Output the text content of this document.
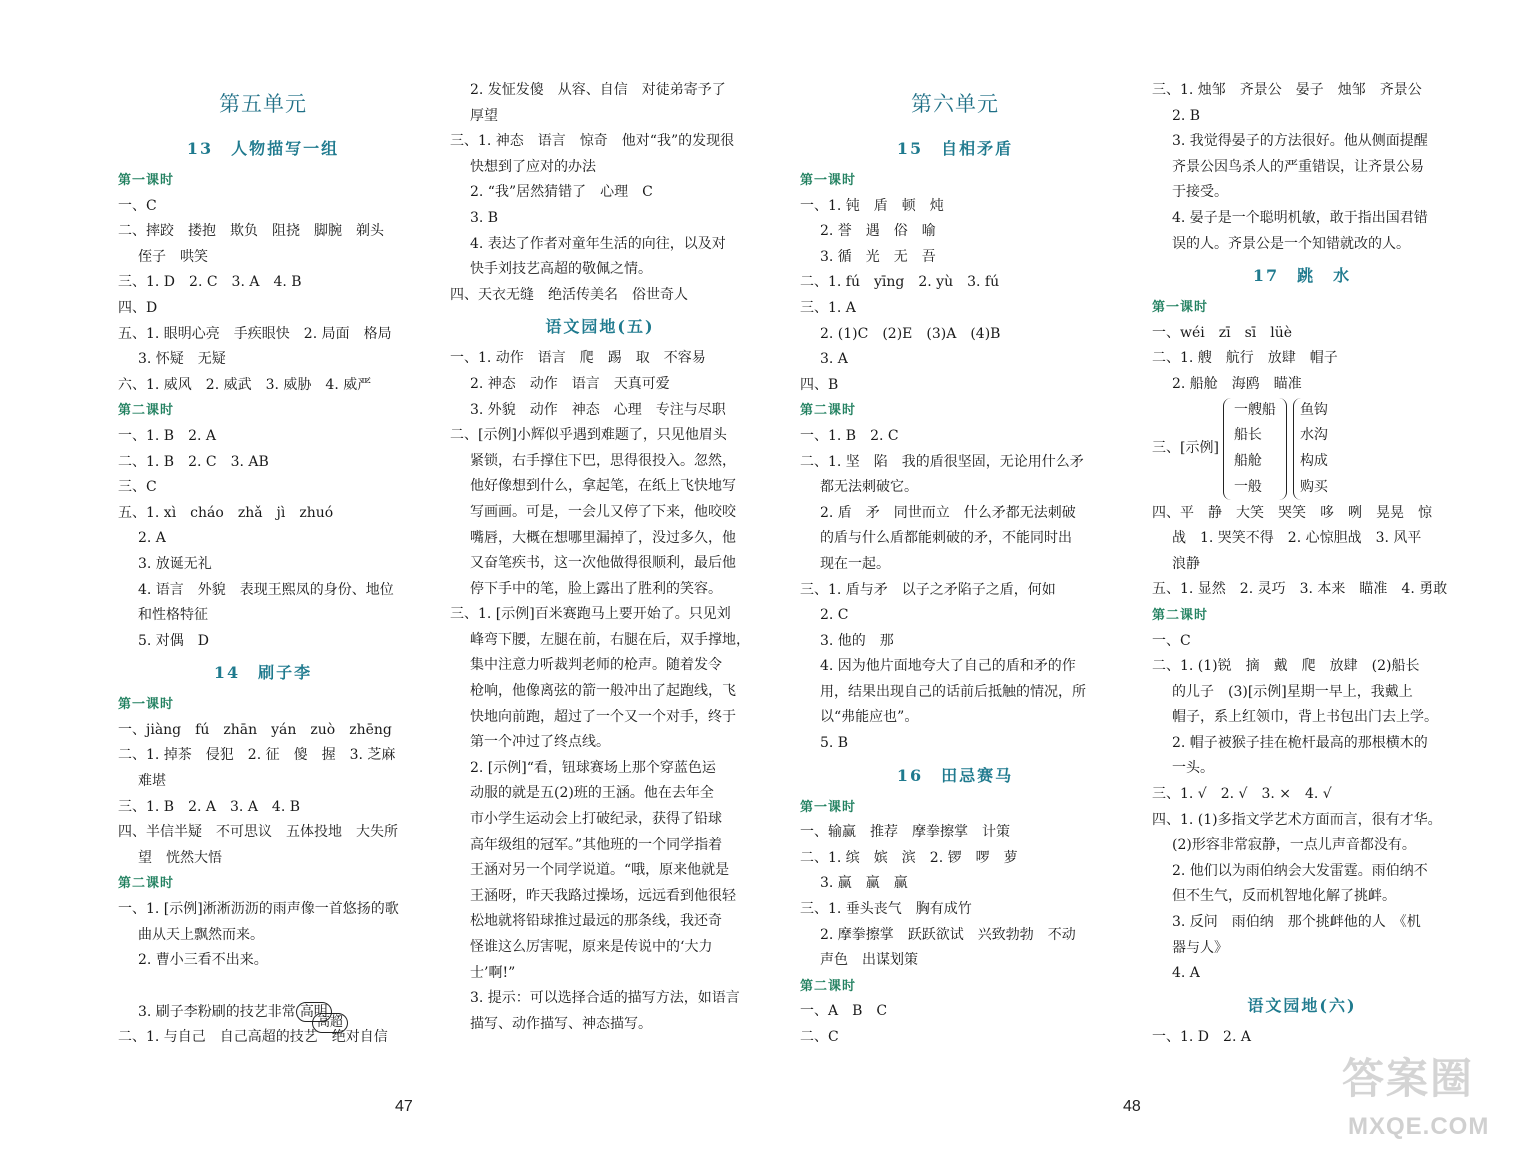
第五单元
13　人物描写一组
第一课时
一、C
二、摔跤　搂抱　欺负　阻挠　脚腕　剃头
侄子　哄笑
三、1. D　2. C　3. A　4. B
四、D
五、1. 眼明心亮　手疾眼快　2. 局面　格局
3. 怀疑　无疑
六、1. 威风　2. 威武　3. 威胁　4. 威严
第二课时
一、1. B　2. A
二、1. B　2. C　3. AB
三、C
五、1. xì　cháo　zhǎ　jì　zhuó
2. A
3. 放诞无礼
4. 语言　外貌　表现王熙凤的身份、地位
和性格特征
5. 对偶　D
14　刷子李
第一课时
一、jiàng　fú　zhān　yán　zuò　zhēng
二、1. 掉茶　侵犯　2. 征　傻　握　3. 芝麻
难堪
三、1. B　2. A　3. A　4. B
四、半信半疑　不可思议　五体投地　大失所
望　恍然大悟
第二课时
一、1. [示例]淅淅沥沥的雨声像一首悠扬的歌
曲从天上飘然而来。
2. 曹小三看不出来。
3. 刷子李粉刷的技艺非常 高明 。
二、1. 与自己　自己高超的技艺　绝对自信
2. 发怔发傻　从容、自信　对徒弟寄予了
厚望
三、1. 神态　语言　惊奇　他对“我”的发现很
快想到了应对的办法
2. “我”居然猜错了　心理　C
3. B
4. 表达了作者对童年生活的向往，以及对
快手刘技艺高超的敬佩之情。
四、天衣无缝　绝活传美名　俗世奇人
语文园地(五)
一、1. 动作　语言　爬　踢　取　不容易
2. 神态　动作　语言　天真可爱
3. 外貌　动作　神态　心理　专注与尽职
二、[示例]小辉似乎遇到难题了，只见他眉头
紧锁，右手撑住下巴，思得很投入。忽然，
他好像想到什么，拿起笔，在纸上飞快地写
写画画。可是，一会儿又停了下来，他咬咬
嘴唇，大概在想哪里漏掉了，没过多久，他
又奋笔疾书，这一次他做得很顺利，最后他
停下手中的笔，脸上露出了胜利的笑容。
三、1. [示例]百米赛跑马上要开始了。只见刘
峰弯下腰，左腿在前，右腿在后，双手撑地，
集中注意力听裁判老师的枪声。随着发令
枪响，他像离弦的箭一般冲出了起跑线，飞
快地向前跑，超过了一个又一个对手，终于
第一个冲过了终点线。
2. [示例]“看，钮球赛场上那个穿蓝色运
动服的就是五(2)班的王涵。他在去年全
市小学生运动会上打破纪录，获得了铅球
高年级组的冠军。”其他班的一个同学指着
王涵对另一个同学说道。“哦，原来他就是
王涵呀，昨天我路过操场，远远看到他很轻
松地就将铅球推过最远的那条线，我还奇
怪谁这么厉害呢，原来是传说中的‘大力
士’啊!”
3. 提示：可以选择合适的描写方法，如语言
描写、动作描写、神态描写。
第六单元
15　自相矛盾
第一课时
一、1. 钝　盾　顿　炖
2. 誉　遇　俗　喻
3. 循　光　无　吾
二、1. fú　yīng　2. yù　3. fú
三、1. A
2. (1)C　(2)E　(3)A　(4)B
3. A
四、B
第二课时
一、1. B　2. C
二、1. 坚　陷　我的盾很坚固，无论用什么矛
都无法刺破它。
2. 盾　矛　同世而立　什么矛都无法刺破
的盾与什么盾都能刺破的矛，不能同时出
现在一起。
三、1. 盾与矛　以子之矛陷子之盾，何如
2. C
3. 他的　那
4. 因为他片面地夸大了自己的盾和矛的作
用，结果出现自己的话前后抵触的情况，所
以“弗能应也”。
5. B
16　田忌赛马
第一课时
一、输赢　推荐　摩拳擦掌　计策
二、1. 缤　嫔　滨　2. 锣　啰　萝
3. 赢　赢　赢
三、1. 垂头丧气　胸有成竹
2. 摩拳擦掌　跃跃欲试　兴致勃勃　不动
声色　出谋划策
第二课时
一、A　B　C
二、C
三、1. 烛邹　齐景公　晏子　烛邹　齐景公
2. B
3. 我觉得晏子的方法很好。他从侧面提醒
齐景公因鸟杀人的严重错误，让齐景公易
于接受。
4. 晏子是一个聪明机敏，敢于指出国君错
误的人。齐景公是一个知错就改的人。
17　跳　水
第一课时
一、wéi　zī　sī　lüè
二、1. 艘　航行　放肆　帽子
2. 船舱　海鸥　瞄准
三、[示例]
一艘船
船长
船舱
一般
鱼钩
水沟
构成
购买
四、平　静　大笑　哭笑　哆　咧　晃晃　惊
战　1. 哭笑不得　2. 心惊胆战　3. 风平
浪静
五、1. 显然　2. 灵巧　3. 本来　瞄准　4. 勇敢
第二课时
一、C
二、1. (1)锐　摘　戴　爬　放肆　(2)船长
的儿子　(3)[示例]星期一早上，我戴上
帽子，系上红领巾，背上书包出门去上学。
2. 帽子被猴子挂在桅杆最高的那根横木的
一头。
三、1. √　2. √　3. ×　4. √
四、1. (1)多指文学艺术方面而言，很有才华。
(2)形容非常寂静，一点儿声音都没有。
2. 他们以为雨伯纳会大发雷霆。雨伯纳不
但不生气，反而机智地化解了挑衅。
3. 反问　雨伯纳　那个挑衅他的人　《机
器与人》
4. A
语文园地(六)
一、1. D　2. A
高超
47	48
答案圈
MXQE.COM
